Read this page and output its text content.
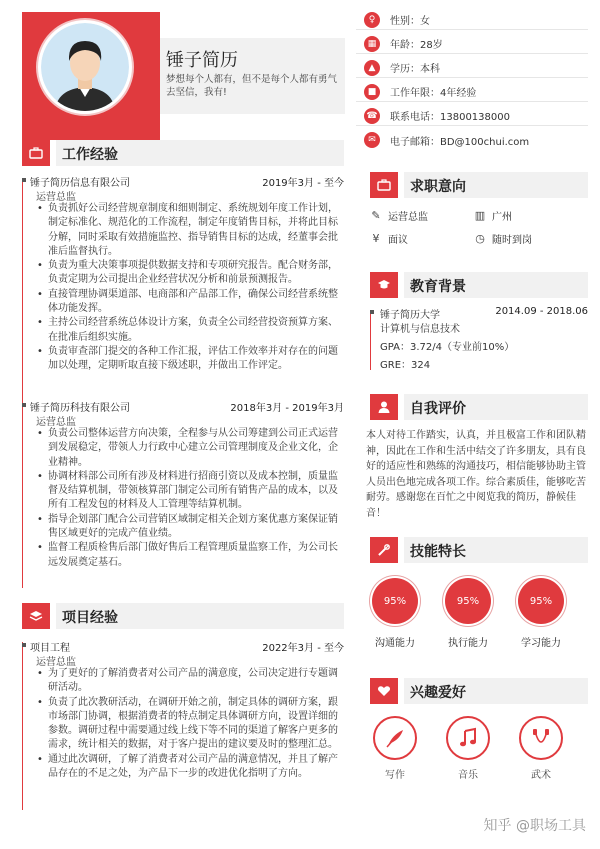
锤子简历
梦想每个人都有，但不是每个人都有勇气去坚信，我有!
♀	性别：女
▦	年龄：28岁
▲	学历：本科
■	工作年限：4年经验
☎ 联系电话：13800138000
✉	电子邮箱：BD@100chui.com
工作经验
锤子简历信息有限公司	2019年3月 - 至今
运营总监
• 负责抓好公司经营规章制度和细则制定、系统规划年度工作计划，制定标准化、规范化的工作流程，制定年度销售目标，并将此目标分解，同时采取有效措施监控、指导销售目标的达成，经董事会批准后监督执行。
• 负责为重大决策事项提供数据支持和专项研究报告。配合财务部，负责定期为公司提出企业经营状况分析和前景预测报告。
• 直接管理协调渠道部、电商部和产品部工作，确保公司经营系统整体功能发挥。
• 主持公司经营系统总体设计方案，负责全公司经营投资预算方案、在批准后组织实施。
• 负责审查部门提交的各种工作汇报，评估工作效率并对存在的问题加以处理，定期听取直接下级述职，并做出工作评定。
锤子简历科技有限公司	2018年3月 - 2019年3月
运营总监
• 负责公司整体运营方向决策，全程参与从公司筹建到公司正式运营到发展稳定，带领人力行政中心建立公司管理制度及企业文化，企业精神。
• 协调材料部公司所有涉及材料进行招商引资以及成本控制，质量监督及结算机制，带领核算部门制定公司所有销售产品的成本，以及所有工程发包的材料及人工管理等结算机制。
• 指导企划部门配合公司营销区域制定相关企划方案优惠方案保证销售区域更好的完成产值业绩。
• 监督工程质检售后部门做好售后工程管理质量监察工作，为公司长远发展奠定基石。
项目经验
项目工程	2022年3月 - 至今
运营总监
• 为了更好的了解消费者对公司产品的满意度，公司决定进行专题调研活动。
• 负责了此次教研活动，在调研开始之前，制定具体的调研方案，跟市场部门协调，根据消费者的特点制定具体调研方向，设置详细的参数。调研过程中需要通过线上线下等不同的渠道了解客户更多的需求，统计相关的数据，对于客户提出的建议要及时的整理汇总。
• 通过此次调研，了解了消费者对公司产品的满意情况，并且了解产品存在的不足之处，为产品下一步的改进优化指明了方向。
求职意向
✎ 运营总监	▥ 广州
¥ 面议	◷ 随时到岗
教育背景
锤子简历大学	2014.09 - 2018.06
计算机与信息技术
GPA：3.72/4（专业前10%）
GRE：324
自我评价
本人对待工作踏实，认真，并且极富工作和团队精神，因此在工作和生活中结交了许多朋友，具有良好的适应性和熟练的沟通技巧，相信能够协助主管人员出色地完成各项工作。综合素质佳，能够吃苦耐劳。感谢您在百忙之中阅览我的简历，静候佳音！
技能特长
95%
沟通能力
95%
执行能力
95%
学习能力
兴趣爱好
写作	音乐	武术
知乎 @职场工具
